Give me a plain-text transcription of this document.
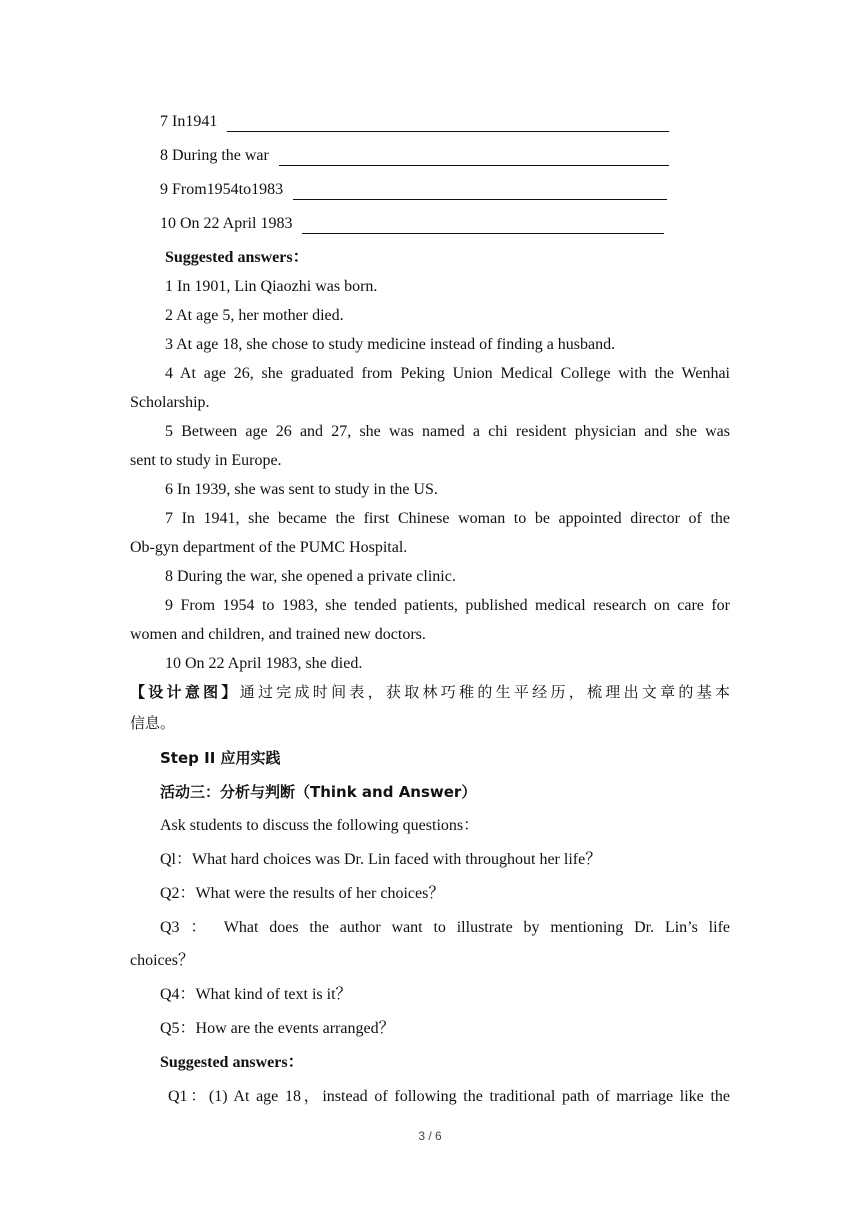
7 In1941
8 During the war
9 From1954to1983
10 On 22 April 1983
Suggested answers：
1 In 1901, Lin Qiaozhi was born.
2 At age 5, her mother died.
3 At age 18, she chose to study medicine instead of finding a husband.
4 At age 26, she graduated from Peking Union Medical College with the Wenhai
Scholarship.
5 Between age 26 and 27, she was named a chi resident physician and she was
sent to study in Europe.
6 In 1939, she was sent to study in the US.
7 In 1941, she became the first Chinese woman to be appointed director of the
Ob-gyn department of the PUMC Hospital.
8 During the war, she opened a private clinic.
9 From 1954 to 1983, she tended patients, published medical research on care for
women and children, and trained new doctors.
10 On 22 April 1983, she died.
【设计意图】通过完成时间表，获取林巧稚的生平经历，梳理出文章的基本
信息。
Step II 应用实践
活动三：分析与判断（Think and Answer）
Ask students to discuss the following questions：
Ql：What hard choices was Dr. Lin faced with throughout her life？
Q2：What were the results of her choices？
Q3 ： What does the author want to illustrate by mentioning Dr. Lin’s life
choices？
Q4：What kind of text is it？
Q5：How are the events arranged？
Suggested answers：
Q1：(1) At age 18，instead of following the traditional path of marriage like the
3 / 6
